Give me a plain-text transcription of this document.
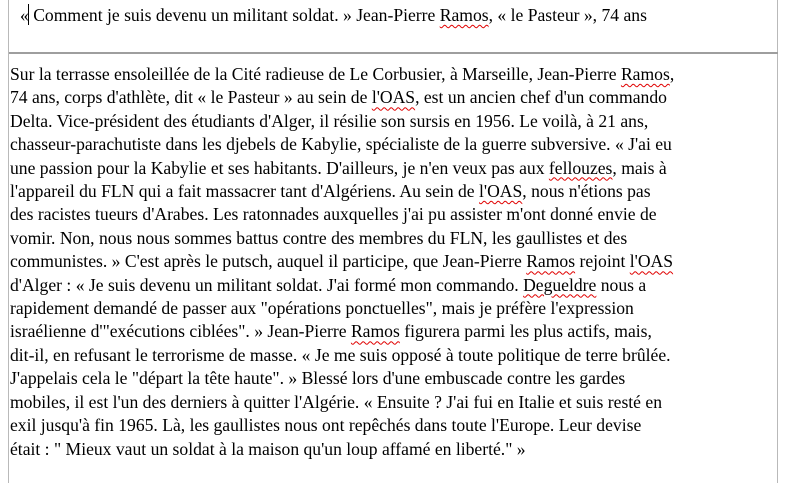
« Comment je suis devenu un militant soldat. » Jean-Pierre Ramos, « le Pasteur », 74 ans
Sur la terrasse ensoleillée de la Cité radieuse de Le Corbusier, à Marseille, Jean-Pierre Ramos,
74 ans, corps d'athlète, dit « le Pasteur » au sein de l'OAS, est un ancien chef d'un commando
Delta. Vice-président des étudiants d'Alger, il résilie son sursis en 1956. Le voilà, à 21 ans,
chasseur-parachutiste dans les djebels de Kabylie, spécialiste de la guerre subversive. « J'ai eu
une passion pour la Kabylie et ses habitants. D'ailleurs, je n'en veux pas aux fellouzes, mais à
l'appareil du FLN qui a fait massacrer tant d'Algériens. Au sein de l'OAS, nous n'étions pas
des racistes tueurs d'Arabes. Les ratonnades auxquelles j'ai pu assister m'ont donné envie de
vomir. Non, nous nous sommes battus contre des membres du FLN, les gaullistes et des
communistes. » C'est après le putsch, auquel il participe, que Jean-Pierre Ramos rejoint l'OAS
d'Alger : « Je suis devenu un militant soldat. J'ai formé mon commando. Degueldre nous a
rapidement demandé de passer aux "opérations ponctuelles", mais je préfère l'expression
israélienne d'"exécutions ciblées". » Jean-Pierre Ramos figurera parmi les plus actifs, mais,
dit-il, en refusant le terrorisme de masse. « Je me suis opposé à toute politique de terre brûlée.
J'appelais cela le "départ la tête haute". » Blessé lors d'une embuscade contre les gardes
mobiles, il est l'un des derniers à quitter l'Algérie. « Ensuite ? J'ai fui en Italie et suis resté en
exil jusqu'à fin 1965. Là, les gaullistes nous ont repêchés dans toute l'Europe. Leur devise
était : " Mieux vaut un soldat à la maison qu'un loup affamé en liberté." »
